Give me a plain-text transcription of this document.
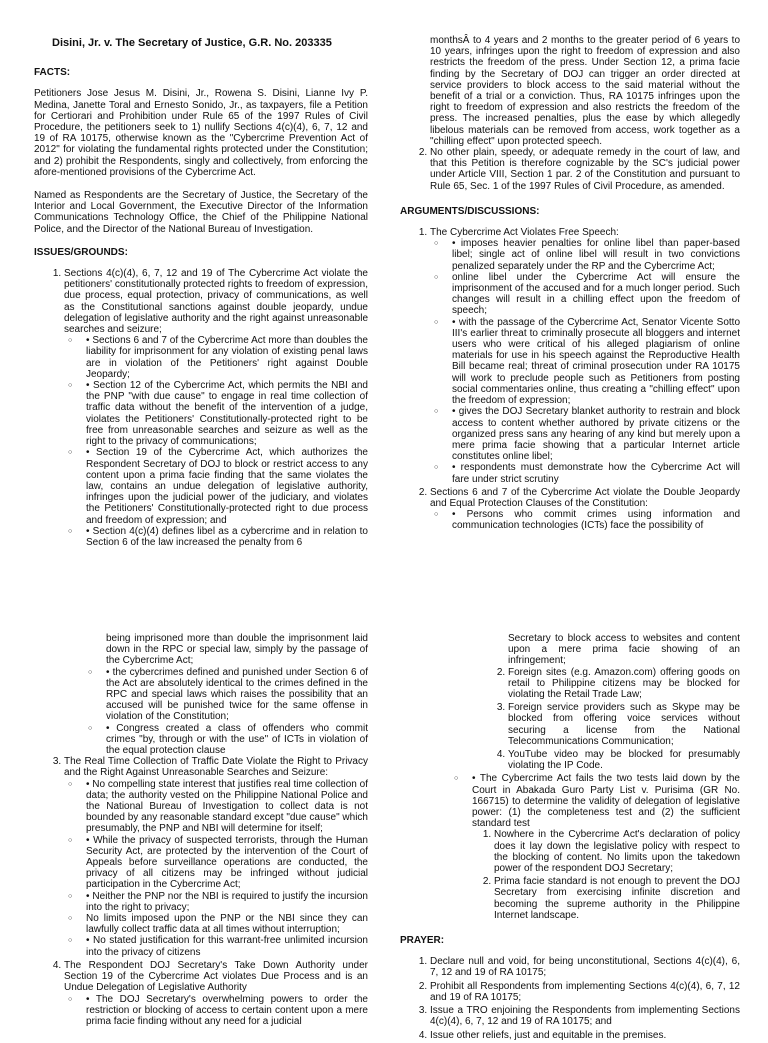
Disini, Jr. v. The Secretary of Justice, G.R. No. 203335
FACTS:

Petitioners Jose Jesus M. Disini, Jr., Rowena S. Disini, Lianne Ivy P. Medina, Janette Toral and Ernesto Sonido, Jr., as taxpayers, file a Petition for Certiorari and Prohibition under Rule 65 of the 1997 Rules of Civil Procedure, the petitioners seek to 1) nullify Sections 4(c)(4), 6, 7, 12 and 19 of RA 10175, otherwise known as the "Cybercrime Prevention Act of 2012" for violating the fundamental rights protected under the Constitution; and 2) prohibit the Respondents, singly and collectively, from enforcing the afore-mentioned provisions of the Cybercrime Act.

Named as Respondents are the Secretary of Justice, the Secretary of the Interior and Local Government, the Executive Director of the Information Communications Technology Office, the Chief of the Philippine National Police, and the Director of the National Bureau of Investigation.

ISSUES/GROUNDS:
1. Sections 4(c)(4), 6, 7, 12 and 19 of The Cybercrime Act violate the petitioners' constitutionally protected rights to freedom of expression, due process, equal protection, privacy of communications, as well as the Constitutional sanctions against double jeopardy, undue delegation of legislative authority and the right against unreasonable searches and seizure;
○ • Sections 6 and 7 of the Cybercrime Act more than doubles the liability for imprisonment for any violation of existing penal laws are in violation of the Petitioners' right against Double Jeopardy;
○ • Section 12 of the Cybercrime Act, which permits the NBI and the PNP "with due cause" to engage in real time collection of traffic data without the benefit of the intervention of a judge, violates the Petitioners' Constitutionally-protected right to be free from unreasonable searches and seizure as well as the right to the privacy of communications;
○ • Section 19 of the Cybercrime Act, which authorizes the Respondent Secretary of DOJ to block or restrict access to any content upon a prima facie finding that the same violates the law, contains an undue delegation of legislative authority, infringes upon the judicial power of the judiciary, and violates the Petitioners' Constitutionally-protected right to due process and freedom of expression; and
○ • Section 4(c)(4) defines libel as a cybercrime and in relation to Section 6 of the law increased the penalty from 6
monthsÂ to 4 years and 2 months to the greater period of 6 years to 10 years, infringes upon the right to freedom of expression and also restricts the freedom of the press. Under Section 12, a prima facie finding by the Secretary of DOJ can trigger an order directed at service providers to block access to the said material without the benefit of a trial or a conviction. Thus, RA 10175 infringes upon the right to freedom of expression and also restricts the freedom of the press. The increased penalties, plus the ease by which allegedly libelous materials can be removed from access, work together as a "chilling effect" upon protected speech.
2. No other plain, speedy, or adequate remedy in the court of law, and that this Petition is therefore cognizable by the SC's judicial power under Article VIII, Section 1 par. 2 of the Constitution and pursuant to Rule 65, Sec. 1 of the 1997 Rules of Civil Procedure, as amended.
ARGUMENTS/DISCUSSIONS:
1. The Cybercrime Act Violates Free Speech:
○ • imposes heavier penalties for online libel than paper-based libel; single act of online libel will result in two convictions penalized separately under the RP and the Cybercrime Act;
○ online libel under the Cybercrime Act will ensure the imprisonment of the accused and for a much longer period. Such changes will result in a chilling effect upon the freedom of speech;
○ • with the passage of the Cybercrime Act, Senator Vicente Sotto III's earlier threat to criminally prosecute all bloggers and internet users who were critical of his alleged plagiarism of online materials for use in his speech against the Reproductive Health Bill became real; threat of criminal prosecution under RA 10175 will work to preclude people such as Petitioners from posting social commentaries online, thus creating a "chilling effect" upon the freedom of expression;
○ • gives the DOJ Secretary blanket authority to restrain and block access to content whether authored by private citizens or the organized press sans any hearing of any kind but merely upon a mere prima facie showing that a particular Internet article constitutes online libel;
○ • respondents must demonstrate how the Cybercrime Act will fare under strict scrutiny
2. Sections 6 and 7 of the Cybercrime Act violate the Double Jeopardy and Equal Protection Clauses of the Constitution:
○ • Persons who commit crimes using information and communication technologies (ICTs) face the possibility of
being imprisoned more than double the imprisonment laid down in the RPC or special law, simply by the passage of the Cybercrime Act;
○ • the cybercrimes defined and punished under Section 6 of the Act are absolutely identical to the crimes defined in the RPC and special laws which raises the possibility that an accused will be punished twice for the same offense in violation of the Constitution;
○ • Congress created a class of offenders who commit crimes "by, through or with the use" of ICTs in violation of the equal protection clause
3. The Real Time Collection of Traffic Date Violate the Right to Privacy and the Right Against Unreasonable Searches and Seizure:
○ • No compelling state interest that justifies real time collection of data; the authority vested on the Philippine National Police and the National Bureau of Investigation to collect data is not bounded by any reasonable standard except "due cause" which presumably, the PNP and NBI will determine for itself;
○ • While the privacy of suspected terrorists, through the Human Security Act, are protected by the intervention of the Court of Appeals before surveillance operations are conducted, the privacy of all citizens may be infringed without judicial participation in the Cybercrime Act;
○ • Neither the PNP nor the NBI is required to justify the incursion into the right to privacy;
○ No limits imposed upon the PNP or the NBI since they can lawfully collect traffic data at all times without interruption;
○ • No stated justification for this warrant-free unlimited incursion into the privacy of citizens
4. The Respondent DOJ Secretary's Take Down Authority under Section 19 of the Cybercrime Act violates Due Process and is an Undue Delegation of Legislative Authority
○ • The DOJ Secretary's overwhelming powers to order the restriction or blocking of access to certain content upon a mere prima facie finding without any need for a judicial
Secretary to block access to websites and content upon a mere prima facie showing of an infringement;
2. Foreign sites (e.g. Amazon.com) offering goods on retail to Philippine citizens may be blocked for violating the Retail Trade Law;
3. Foreign service providers such as Skype may be blocked from offering voice services without securing a license from the National Telecommunications Communication;
4. YouTube video may be blocked for presumably violating the IP Code.
○ • The Cybercrime Act fails the two tests laid down by the Court in Abakada Guro Party List v. Purisima (GR No. 166715) to determine the validity of delegation of legislative power: (1) the completeness test and (2) the sufficient standard test
1. Nowhere in the Cybercrime Act's declaration of policy does it lay down the legislative policy with respect to the blocking of content. No limits upon the takedown power of the respondent DOJ Secretary;
2. Prima facie standard is not enough to prevent the DOJ Secretary from exercising infinite discretion and becoming the supreme authority in the Philippine Internet landscape.
PRAYER:
1. Declare null and void, for being unconstitutional, Sections 4(c)(4), 6, 7, 12 and 19 of RA 10175;
2. Prohibit all Respondents from implementing Sections 4(c)(4), 6, 7, 12 and 19 of RA 10175;
3. Issue a TRO enjoining the Respondents from implementing Sections 4(c)(4), 6, 7, 12 and 19 of RA 10175; and
4. Issue other reliefs, just and equitable in the premises.
